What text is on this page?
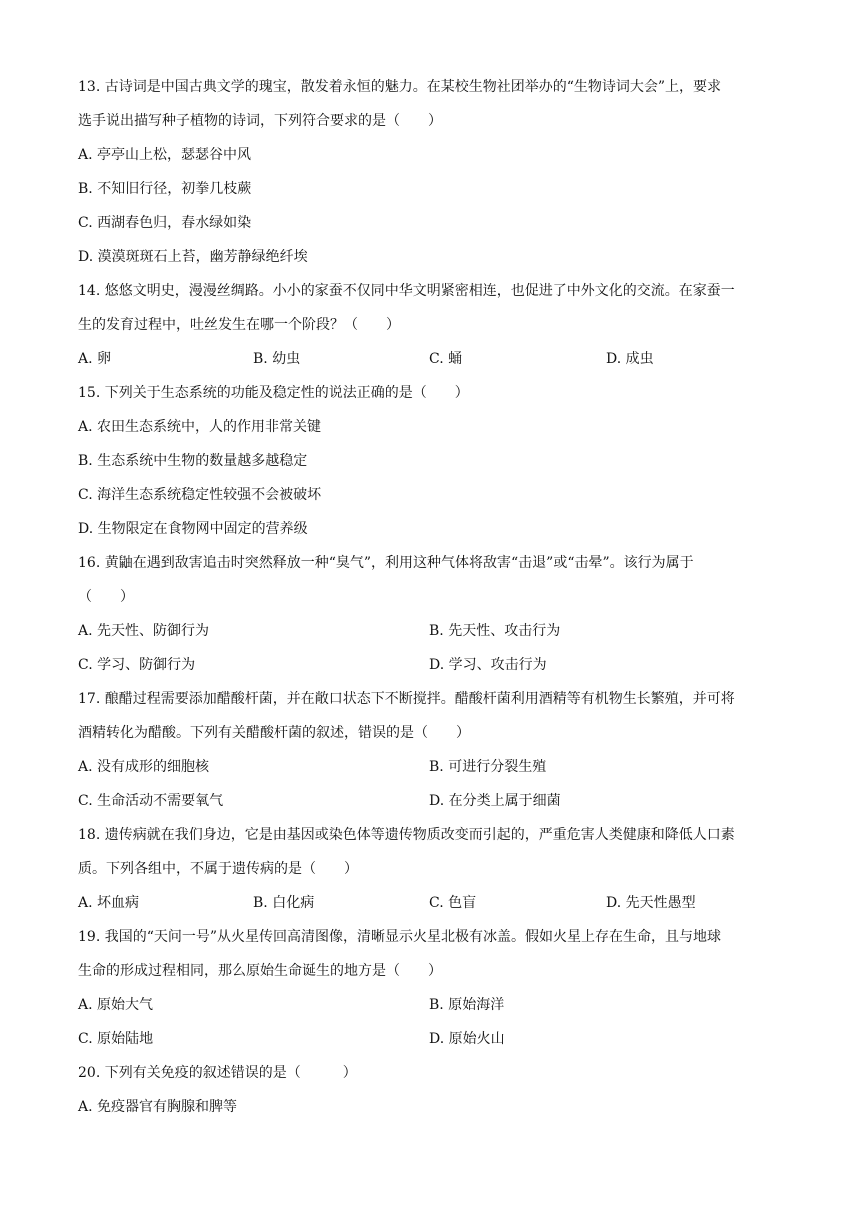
13. 古诗词是中国古典文学的瑰宝，散发着永恒的魅力。在某校生物社团举办的“生物诗词大会”上，要求
选手说出描写种子植物的诗词，下列符合要求的是（　　）
A. 亭亭山上松，瑟瑟谷中风
B. 不知旧行径，初拳几枝蕨
C. 西湖春色归，春水绿如染
D. 漠漠斑斑石上苔，幽芳静绿绝纤埃
14. 悠悠文明史，漫漫丝绸路。小小的家蚕不仅同中华文明紧密相连，也促进了中外文化的交流。在家蚕一
生的发育过程中，吐丝发生在哪一个阶段？（　　）
A. 卵	B. 幼虫	C. 蛹	D. 成虫
15. 下列关于生态系统的功能及稳定性的说法正确的是（　　）
A. 农田生态系统中，人的作用非常关键
B. 生态系统中生物的数量越多越稳定
C. 海洋生态系统稳定性较强不会被破坏
D. 生物限定在食物网中固定的营养级
16. 黄鼬在遇到敌害追击时突然释放一种“臭气”，利用这种气体将敌害“击退”或“击晕”。该行为属于
（　　）
A. 先天性、防御行为	B. 先天性、攻击行为
C. 学习、防御行为	D. 学习、攻击行为
17. 酿醋过程需要添加醋酸杆菌，并在敞口状态下不断搅拌。醋酸杆菌利用酒精等有机物生长繁殖，并可将
酒精转化为醋酸。下列有关醋酸杆菌的叙述，错误的是（　　）
A. 没有成形的细胞核	B. 可进行分裂生殖
C. 生命活动不需要氧气	D. 在分类上属于细菌
18. 遗传病就在我们身边，它是由基因或染色体等遗传物质改变而引起的，严重危害人类健康和降低人口素
质。下列各组中，不属于遗传病的是（　　）
A. 坏血病	B. 白化病	C. 色盲	D. 先天性愚型
19. 我国的“天问一号”从火星传回高清图像，清晰显示火星北极有冰盖。假如火星上存在生命，且与地球
生命的形成过程相同，那么原始生命诞生的地方是（　　）
A. 原始大气	B. 原始海洋
C. 原始陆地	D. 原始火山
20. 下列有关免疫的叙述错误的是（　　　）
A. 免疫器官有胸腺和脾等
